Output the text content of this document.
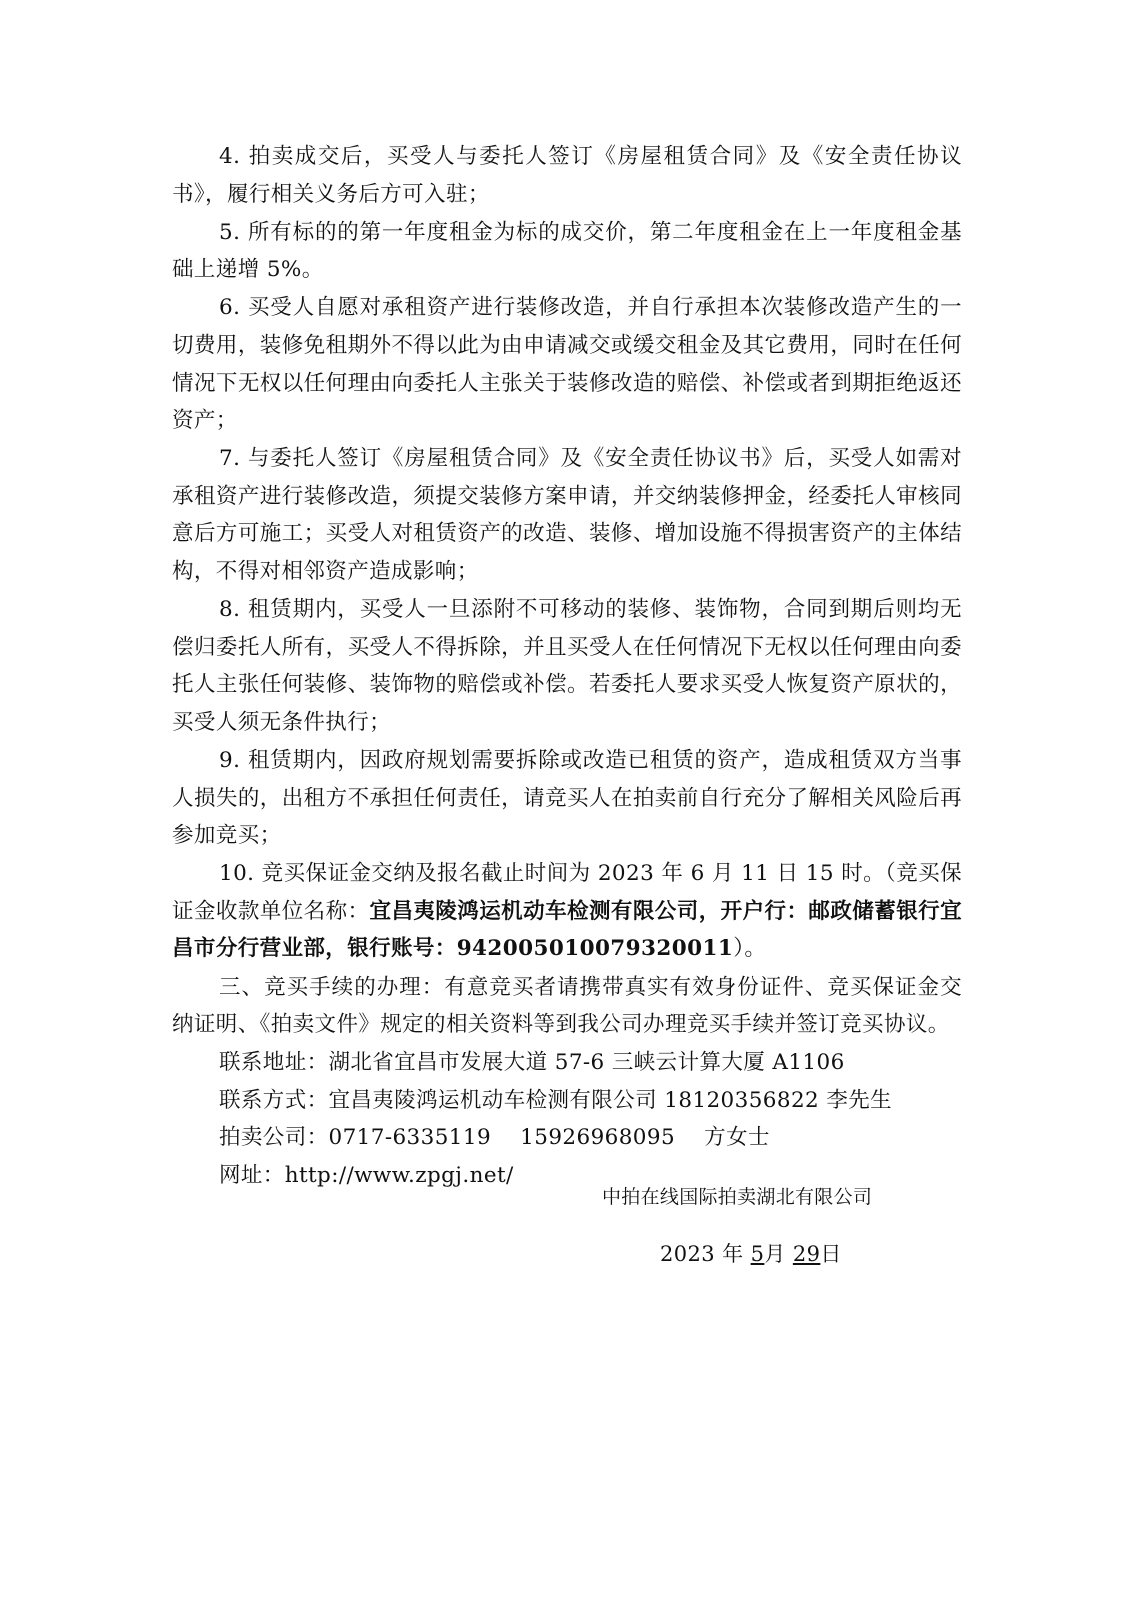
4. 拍卖成交后，买受人与委托人签订《房屋租赁合同》及《安全责任协议书》，履行相关义务后方可入驻；

5. 所有标的的第一年度租金为标的成交价，第二年度租金在上一年度租金基础上递增 5%。

6. 买受人自愿对承租资产进行装修改造，并自行承担本次装修改造产生的一切费用，装修免租期外不得以此为由申请减交或缓交租金及其它费用，同时在任何情况下无权以任何理由向委托人主张关于装修改造的赔偿、补偿或者到期拒绝返还资产；

7. 与委托人签订《房屋租赁合同》及《安全责任协议书》后，买受人如需对承租资产进行装修改造，须提交装修方案申请，并交纳装修押金，经委托人审核同意后方可施工；买受人对租赁资产的改造、装修、增加设施不得损害资产的主体结构，不得对相邻资产造成影响；

8. 租赁期内，买受人一旦添附不可移动的装修、装饰物，合同到期后则均无偿归委托人所有，买受人不得拆除，并且买受人在任何情况下无权以任何理由向委托人主张任何装修、装饰物的赔偿或补偿。若委托人要求买受人恢复资产原状的，买受人须无条件执行；

9. 租赁期内，因政府规划需要拆除或改造已租赁的资产，造成租赁双方当事人损失的，出租方不承担任何责任，请竞买人在拍卖前自行充分了解相关风险后再参加竞买；

10. 竞买保证金交纳及报名截止时间为 2023 年 6 月 11 日 15 时。（竞买保证金收款单位名称：宜昌夷陵鸿运机动车检测有限公司，开户行：邮政储蓄银行宜昌市分行营业部，银行账号：942005010079320011）。

三、竞买手续的办理：有意竞买者请携带真实有效身份证件、竞买保证金交纳证明、《拍卖文件》规定的相关资料等到我公司办理竞买手续并签订竞买协议。

联系地址：湖北省宜昌市发展大道 57-6 三峡云计算大厦 A1106

联系方式：宜昌夷陵鸿运机动车检测有限公司 18120356822 李先生

拍卖公司：0717-6335119　 15926968095　 方女士

网址：http://www.zpgj.net/

中拍在线国际拍卖湖北有限公司
2023 年 5月 29日
